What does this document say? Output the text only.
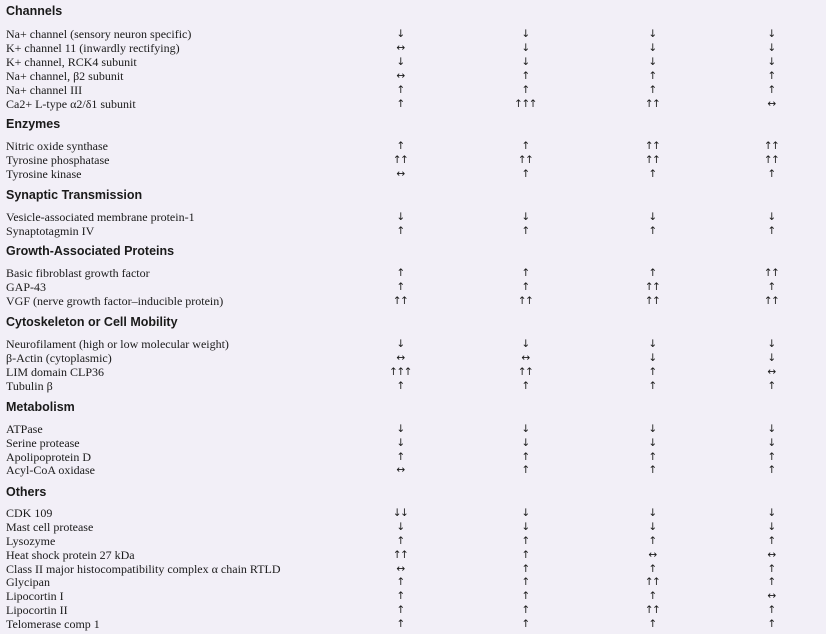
Channels
Na+ channel (sensory neuron specific)	↓	↓	↓	↓
K+ channel 11 (inwardly rectifying)	↔	↓	↓	↓
K+ channel, RCK4 subunit	↓	↓	↓	↓
Na+ channel, β2 subunit	↔	↑	↑	↑
Na+ channel III	↑	↑	↑	↑
Ca2+ L-type α2/δ1 subunit	↑	↑↑↑	↑↑	↔
Enzymes
Nitric oxide synthase	↑	↑	↑↑	↑↑
Tyrosine phosphatase	↑↑	↑↑	↑↑	↑↑
Tyrosine kinase	↔	↑	↑	↑
Synaptic Transmission
Vesicle-associated membrane protein-1	↓	↓	↓	↓
Synaptotagmin IV	↑	↑	↑	↑
Growth-Associated Proteins
Basic fibroblast growth factor	↑	↑	↑	↑↑
GAP-43	↑	↑	↑↑	↑
VGF (nerve growth factor–inducible protein)	↑↑	↑↑	↑↑	↑↑
Cytoskeleton or Cell Mobility
Neurofilament (high or low molecular weight)	↓	↓	↓	↓
β-Actin (cytoplasmic)	↔	↔	↓	↓
LIM domain CLP36	↑↑↑	↑↑	↑	↔
Tubulin β	↑	↑	↑	↑
Metabolism
ATPase	↓	↓	↓	↓
Serine protease	↓	↓	↓	↓
Apolipoprotein D	↑	↑	↑	↑
Acyl-CoA oxidase	↔	↑	↑	↑
Others
CDK 109	↓↓	↓	↓	↓
Mast cell protease	↓	↓	↓	↓
Lysozyme	↑	↑	↑	↑
Heat shock protein 27 kDa	↑↑	↑	↔	↔
Class II major histocompatibility complex α chain RTLD	↔	↑	↑	↑
Glycipan	↑	↑	↑↑	↑
Lipocortin I	↑	↑	↑	↔
Lipocortin II	↑	↑	↑↑	↑
Telomerase comp 1	↑	↑	↑	↑
